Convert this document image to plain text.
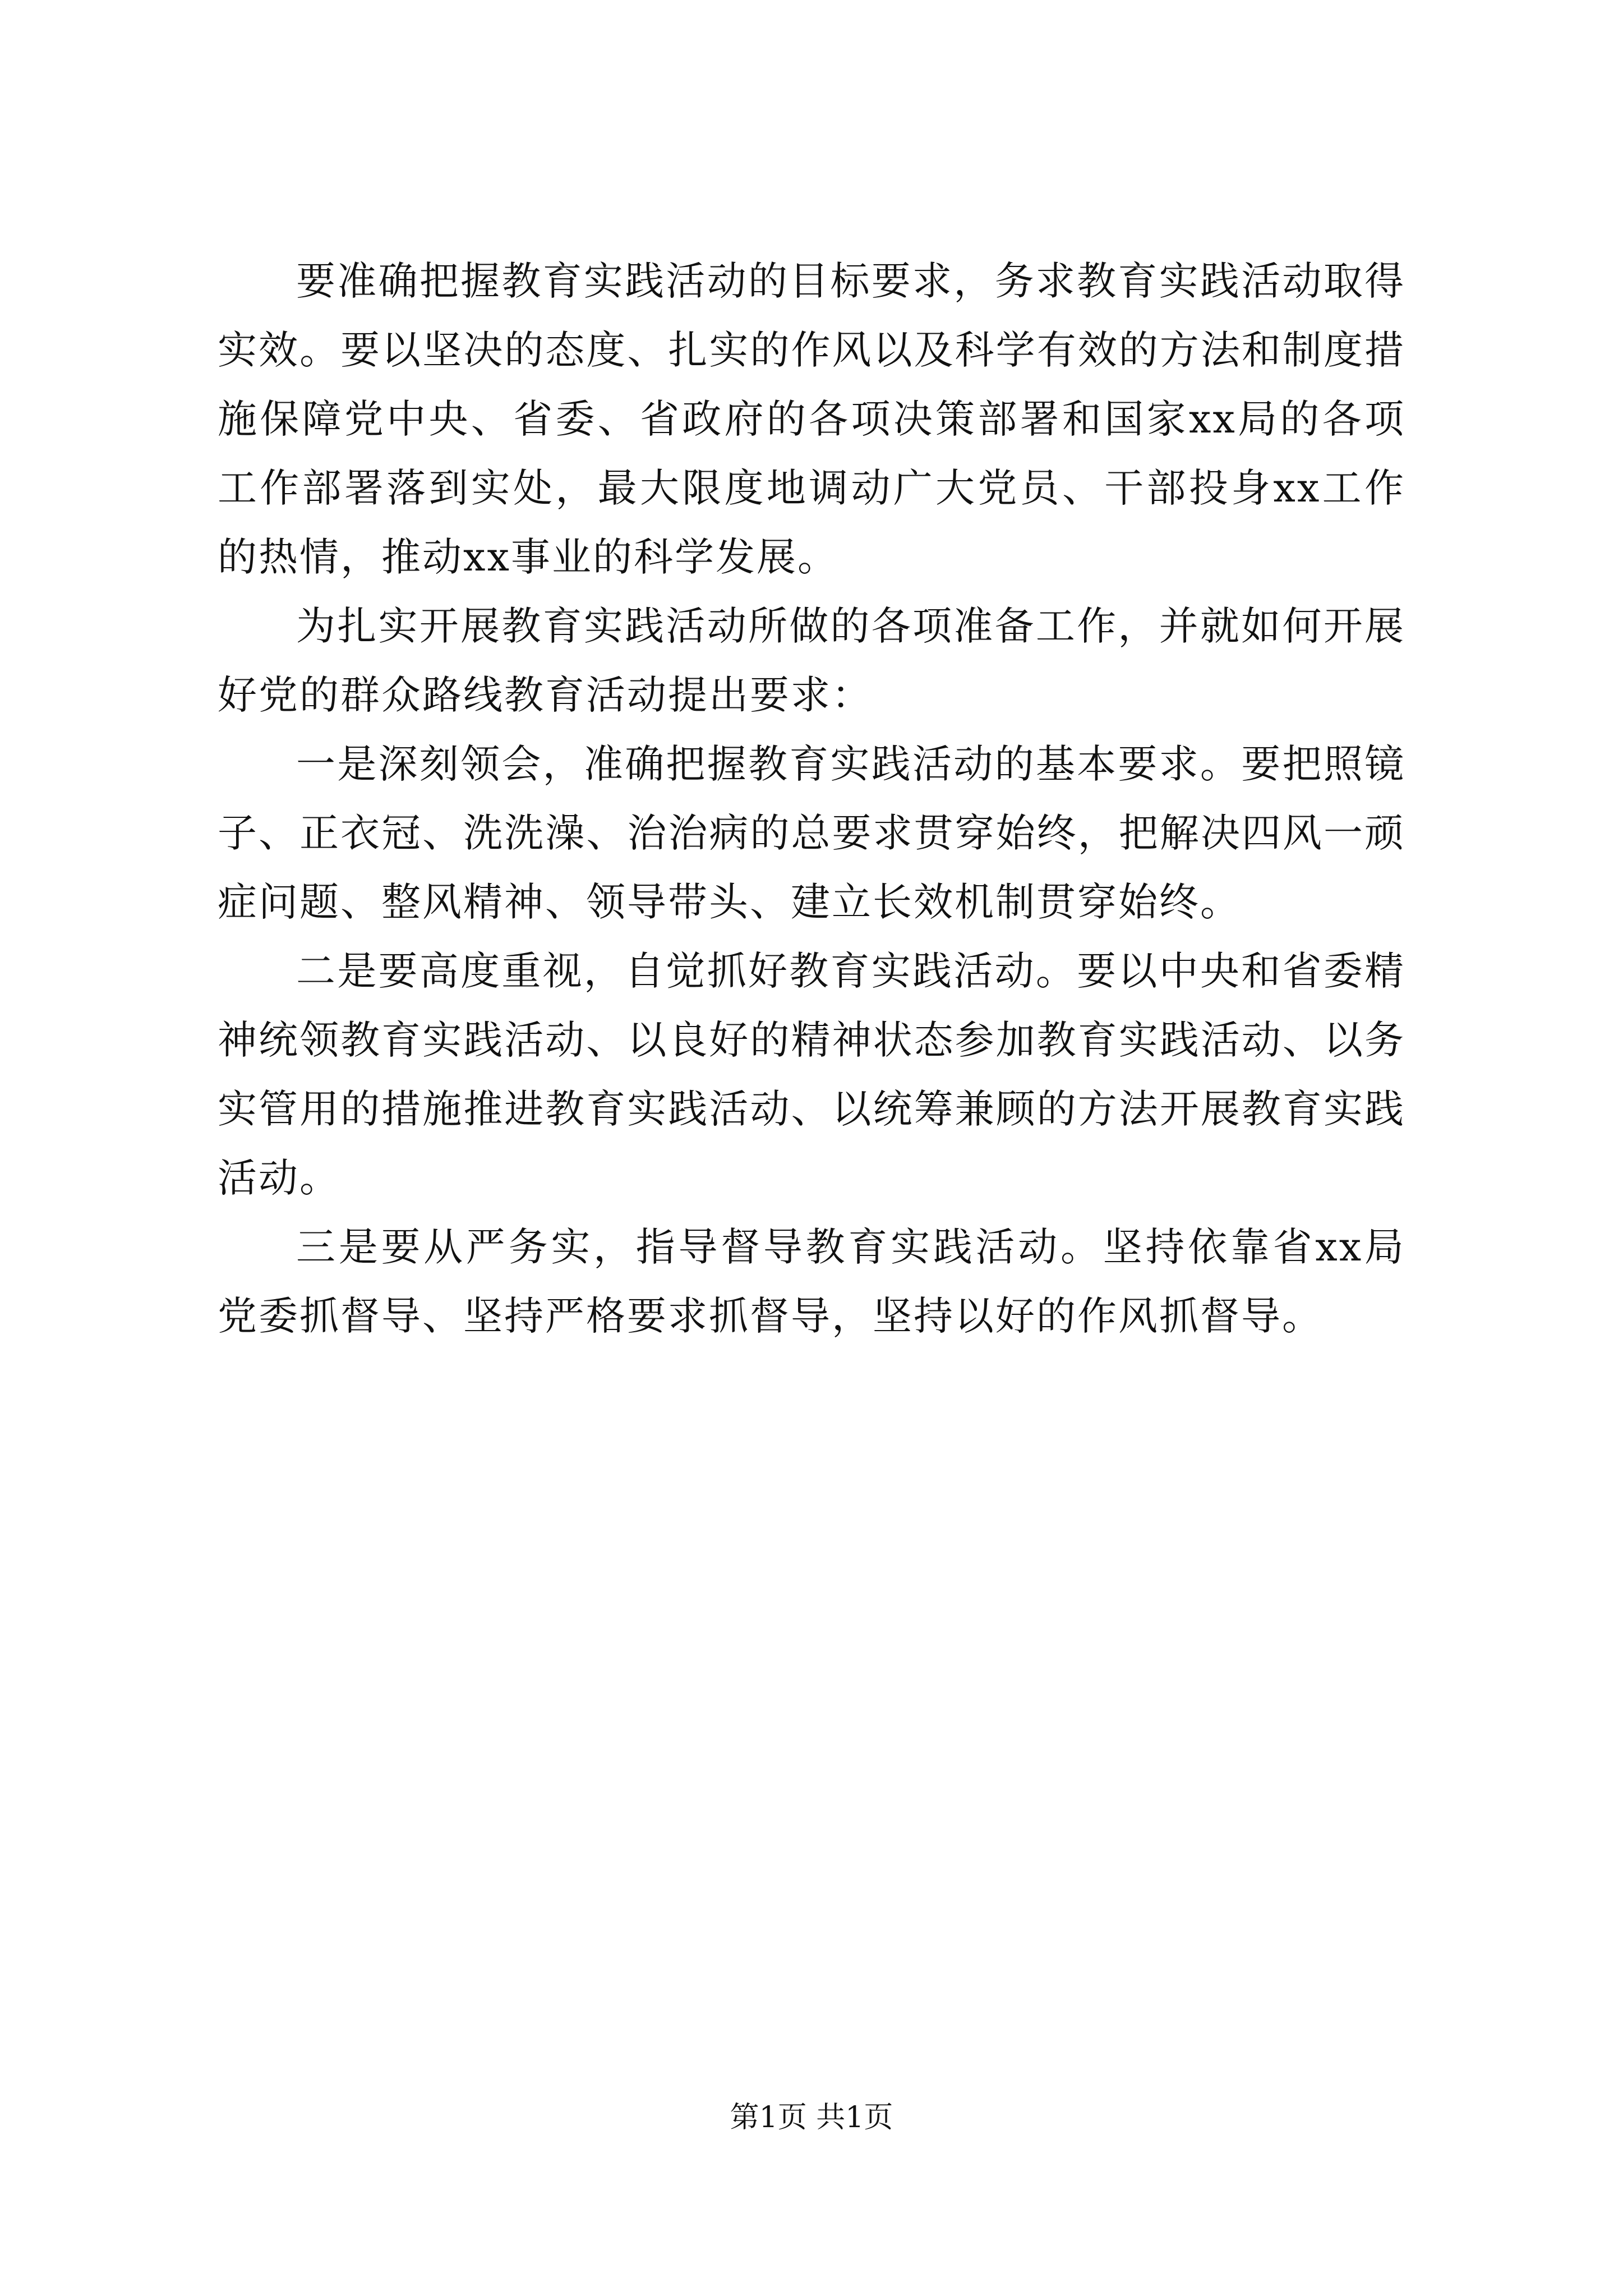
要准确把握教育实践活动的目标要求，务求教育实践活动取得实效。要以坚决的态度、扎实的作风以及科学有效的方法和制度措施保障党中央、省委、省政府的各项决策部署和国家xx局的各项工作部署落到实处，最大限度地调动广大党员、干部投身xx工作的热情，推动xx事业的科学发展。

为扎实开展教育实践活动所做的各项准备工作，并就如何开展好党的群众路线教育活动提出要求：

一是深刻领会，准确把握教育实践活动的基本要求。要把照镜子、正衣冠、洗洗澡、治治病的总要求贯穿始终，把解决四风一顽症问题、整风精神、领导带头、建立长效机制贯穿始终。

二是要高度重视，自觉抓好教育实践活动。要以中央和省委精神统领教育实践活动、以良好的精神状态参加教育实践活动、以务实管用的措施推进教育实践活动、以统筹兼顾的方法开展教育实践活动。

三是要从严务实，指导督导教育实践活动。坚持依靠省xx局党委抓督导、坚持严格要求抓督导，坚持以好的作风抓督导。

第1页 共1页
